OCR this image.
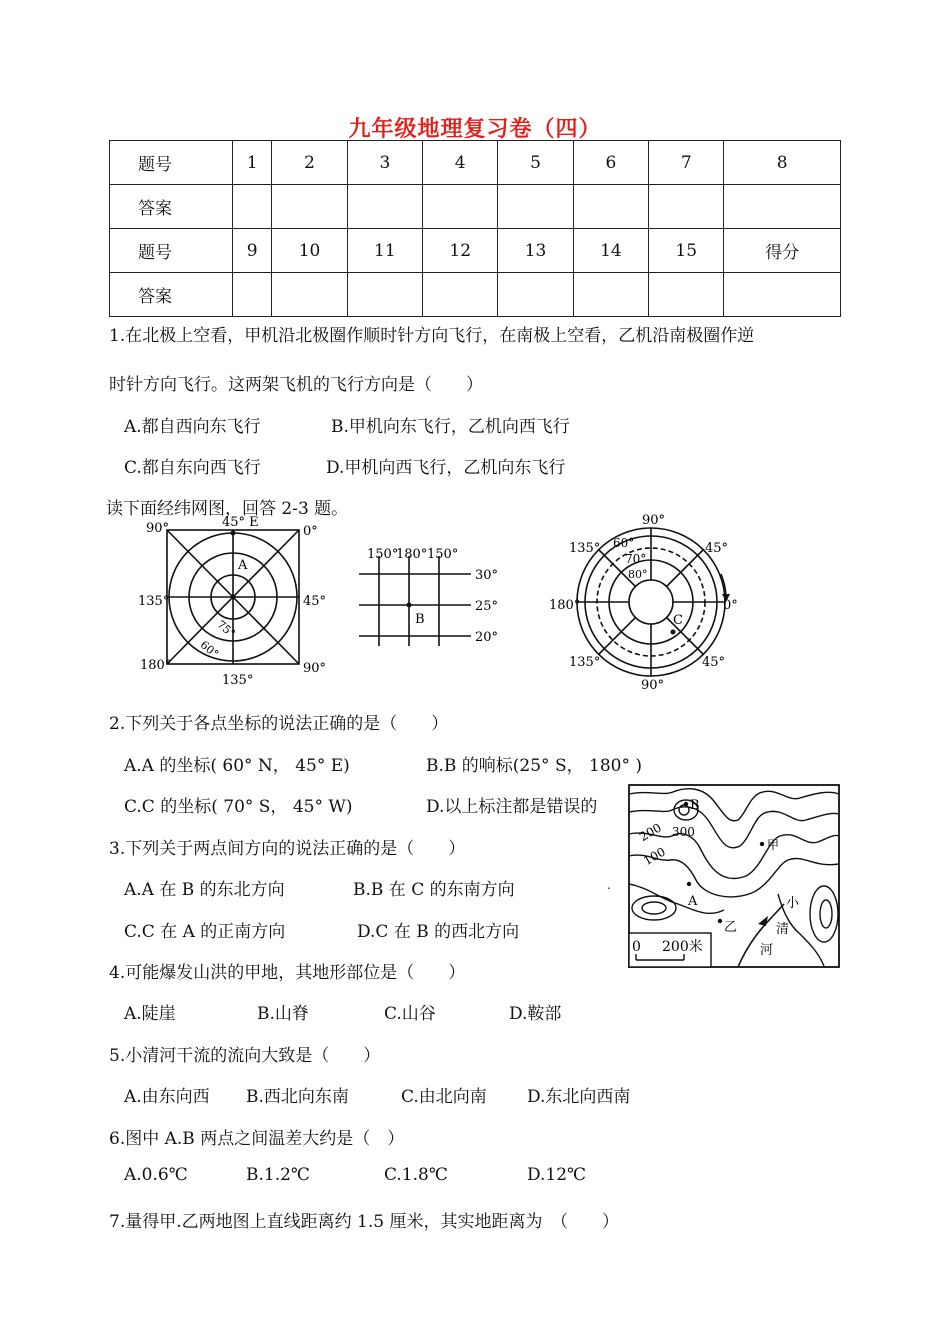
九年级地理复习卷（四）
题号	1	2	3	4	5	6	7	8
答案								
题号	9	10	11	12	13	14	15	得分
答案								
1.在北极上空看，甲机沿北极圈作顺时针方向飞行，在南极上空看，乙机沿南极圈作逆
时针方向飞行。这两架飞机的飞行方向是（　　）
A.都自西向东飞行	B.甲机向东飞行，乙机向西飞行
C.都自东向西飞行	D.甲机向西飞行，乙机向东飞行
读下面经纬网图，回答 2-3 题。
90°	45° E
0°
135°	45°
180°	90°
135°
A
75°
60°
150°
180° 150°
30°
25°
20°
B
90°
135° 60°
70°
80°
45°
180°	0°
135°	45°
90°
C
2.下列关于各点坐标的说法正确的是（　　）
A.A 的坐标( 60° N， 45° E)	B.B 的响标(25° S， 180° )
C.C 的坐标( 70° S， 45° W)	D.以上标注都是错误的	B
300
200
100	甲
A
乙
小
清
河
0 200米
.
3.下列关于两点间方向的说法正确的是（　　）
A.A 在 B 的东北方向	B.B 在 C 的东南方向
C.C 在 A 的正南方向	D.C 在 B 的西北方向
4.可能爆发山洪的甲地，其地形部位是（　　）
A.陡崖	B.山脊	C.山谷	D.鞍部
5.小清河干流的流向大致是（　　）
A.由东向西 B.西北向东南	C.由北向南 D.东北向西南
6.图中 A.B 两点之间温差大约是（　）
A.0.6℃	B.1.2℃	C.1.8℃	D.12℃
7.量得甲.乙两地图上直线距离约 1.5 厘米，其实地距离为　（　　）
